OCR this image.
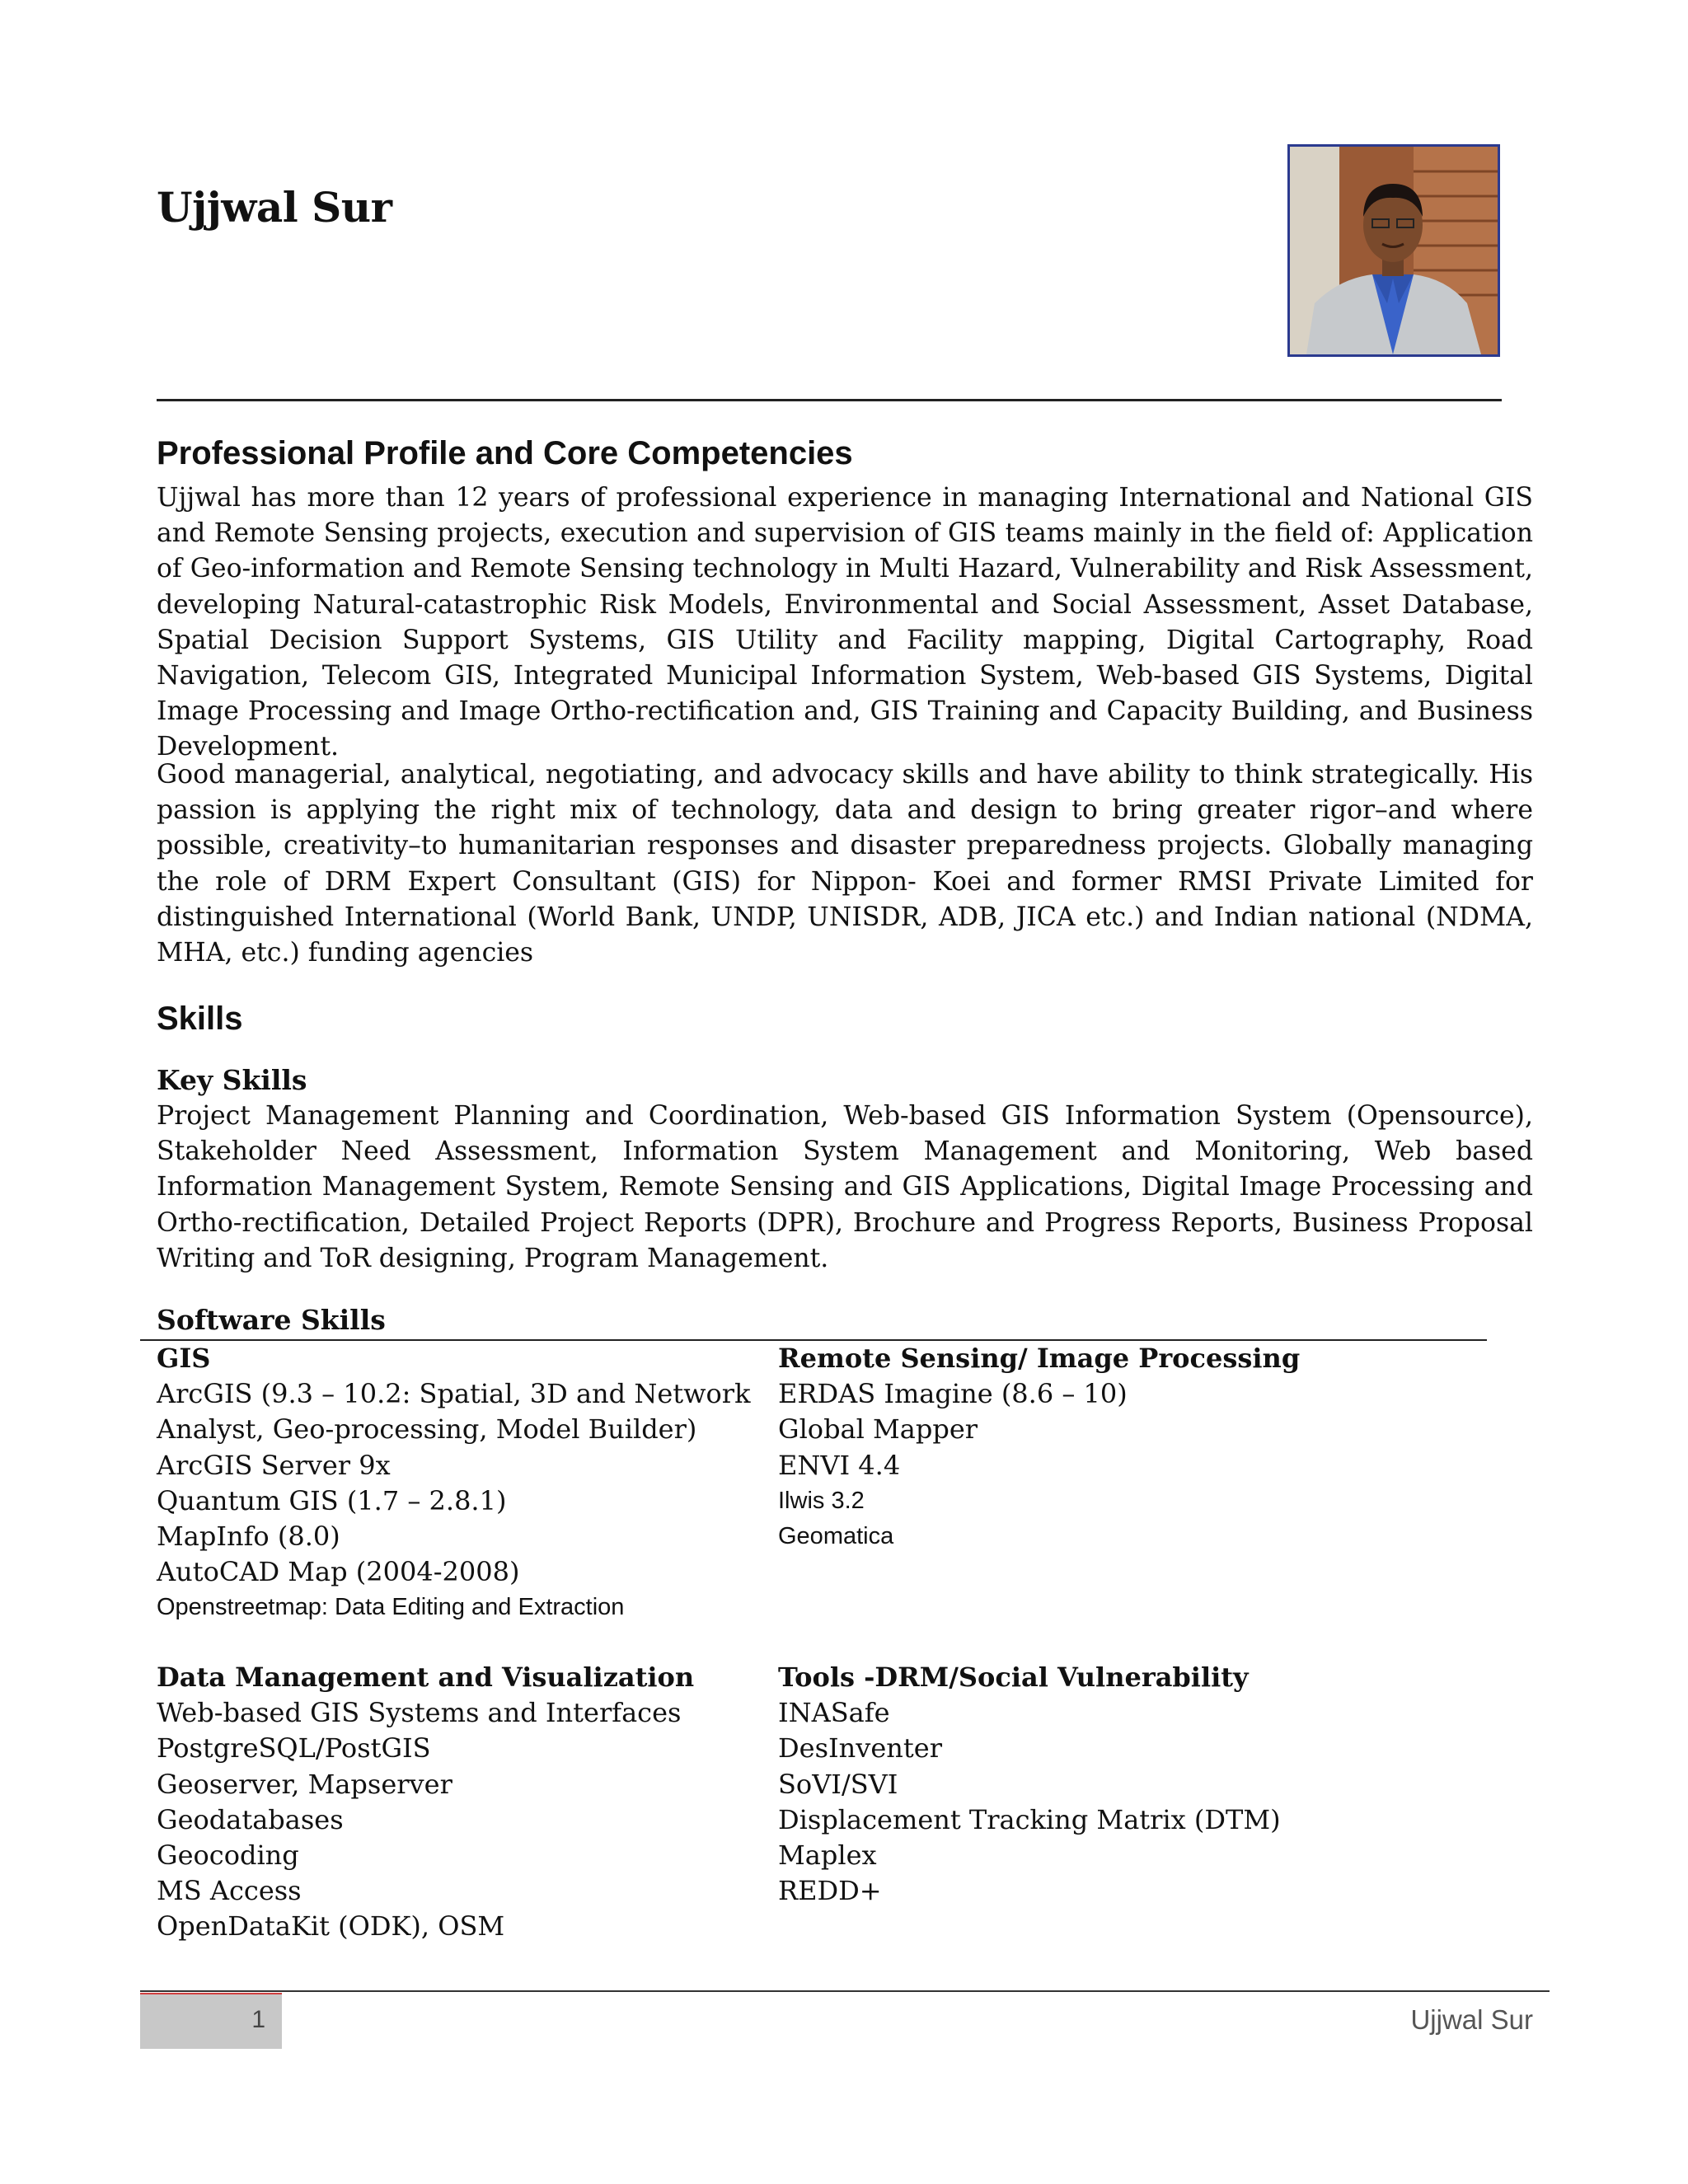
Ujjwal Sur
Professional Profile and Core Competencies
Ujjwal has more than 12 years of professional experience in managing International and National GIS and Remote Sensing projects, execution and supervision of GIS teams mainly in the field of: Application of Geo-information and Remote Sensing technology in Multi Hazard, Vulnerability and Risk Assessment, developing Natural-catastrophic Risk Models, Environmental and Social Assessment, Asset Database, Spatial Decision Support Systems, GIS Utility and Facility mapping, Digital Cartography, Road Navigation, Telecom GIS, Integrated Municipal Information System, Web-based GIS Systems, Digital Image Processing and Image Ortho-rectification and, GIS Training and Capacity Building, and Business Development.
Good managerial, analytical, negotiating, and advocacy skills and have ability to think strategically. His passion is applying the right mix of technology, data and design to bring greater rigor–and where possible, creativity–to humanitarian responses and disaster preparedness projects. Globally managing the role of DRM Expert Consultant (GIS) for Nippon- Koei and former RMSI Private Limited for distinguished International (World Bank, UNDP, UNISDR, ADB, JICA etc.) and Indian national (NDMA, MHA, etc.) funding agencies
Skills
Key Skills
Project Management Planning and Coordination, Web-based GIS Information System (Opensource), Stakeholder Need Assessment, Information System Management and Monitoring, Web based Information Management System, Remote Sensing and GIS Applications, Digital Image Processing and Ortho-rectification, Detailed Project Reports (DPR), Brochure and Progress Reports, Business Proposal Writing and ToR designing, Program Management.
Software Skills
GIS
ArcGIS (9.3 – 10.2: Spatial, 3D and Network
Analyst, Geo-processing, Model Builder)
ArcGIS Server 9x
Quantum GIS (1.7 – 2.8.1)
MapInfo (8.0)
AutoCAD Map (2004-2008)
Openstreetmap: Data Editing and Extraction
Remote Sensing/ Image Processing
ERDAS Imagine (8.6 – 10)
Global Mapper
ENVI 4.4
Ilwis 3.2
Geomatica
Data Management and Visualization
Web-based GIS Systems and Interfaces
PostgreSQL/PostGIS
Geoserver, Mapserver
Geodatabases
Geocoding
MS Access
OpenDataKit (ODK), OSM
Tools -DRM/Social Vulnerability
INASafe
DesInventer
SoVI/SVI
Displacement Tracking Matrix (DTM)
Maplex
REDD+
1	Ujjwal Sur
